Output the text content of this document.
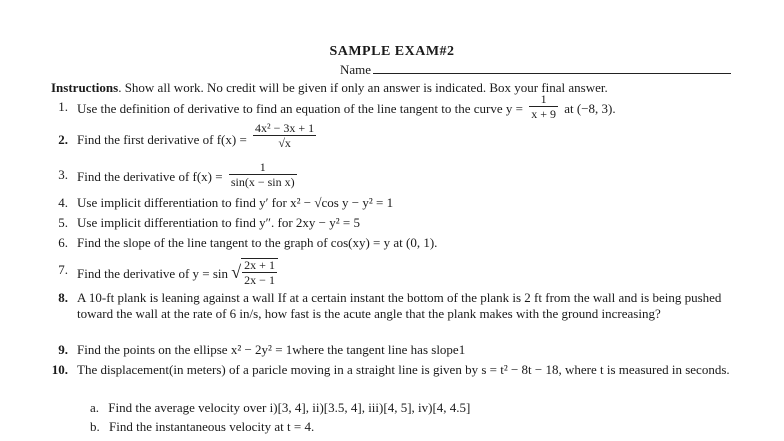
SAMPLE EXAM#2
Name
Instructions. Show all work. No credit will be given if only an answer is indicated. Box your final answer.
1. Use the definition of derivative to find an equation of the line tangent to the curve $y = \frac{1}{x + 9}$ at (−8, 3).
2. Find the first derivative of $f(x) = \frac{\text{4x² − 3x + 1}}{√x}$
3. Find the derivative of $f(x) = \frac{1}{\text{sin(x − sin x)}}$
4. Use implicit differentiation to find y′ for x² − √cos y − y² = 1
5. Use implicit differentiation to find y″. for 2xy − y² = 5
6. Find the slope of the line tangent to the graph of cos(xy) = y at (0, 1).
7. Find the derivative of y = sin √ $\frac{2x + 1}{2x - 1}$
8. A 10-ft plank is leaning against a wall If at a certain instant the bottom of the plank is 2 ft from the wall and is being pushed toward the wall at the rate of 6 in/s, how fast is the acute angle that the plank makes with the ground increasing?
9. Find the points on the ellipse x² − 2y² = 1where the tangent line has slope1
10. The displacement(in meters) of a paricle moving in a straight line is given by s = t² − 8t − 18, where t is measured in seconds.
a. Find the average velocity over i)[3, 4], ii)[3.5, 4], iii)[4, 5], iv)[4, 4.5]
b. Find the instantaneous velocity at t = 4.
